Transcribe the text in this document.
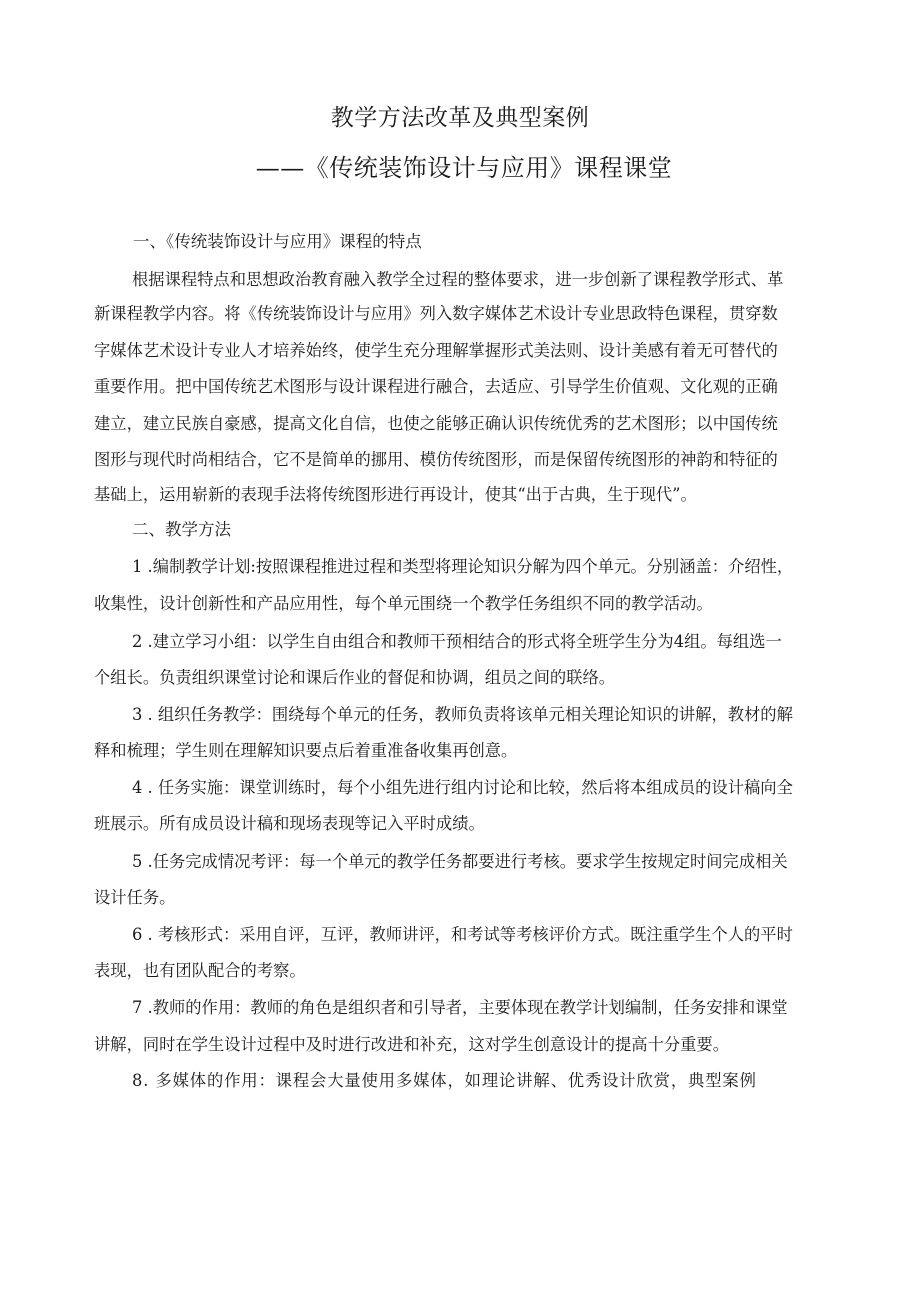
教学方法改革及典型案例
——《传统装饰设计与应用》课程课堂
一、《传统装饰设计与应用》课程的特点
根据课程特点和思想政治教育融入教学全过程的整体要求，进一步创新了课程教学形式、革
新课程教学内容。将《传统装饰设计与应用》列入数字媒体艺术设计专业思政特色课程，贯穿数
字媒体艺术设计专业人才培养始终，使学生充分理解掌握形式美法则、设计美感有着无可替代的
重要作用。把中国传统艺术图形与设计课程进行融合，去适应、引导学生价值观、文化观的正确
建立，建立民族自豪感，提高文化自信，也使之能够正确认识传统优秀的艺术图形；以中国传统
图形与现代时尚相结合，它不是简单的挪用、模仿传统图形，而是保留传统图形的神韵和特征的
基础上，运用崭新的表现手法将传统图形进行再设计，使其“出于古典，生于现代”。
二、教学方法
1 .编制教学计划:按照课程推进过程和类型将理论知识分解为四个单元。分别涵盖：介绍性，
收集性，设计创新性和产品应用性，每个单元围绕一个教学任务组织不同的教学活动。
2 .建立学习小组：以学生自由组合和教师干预相结合的形式将全班学生分为4组。每组选一
个组长。负责组织课堂讨论和课后作业的督促和协调，组员之间的联络。
3 . 组织任务教学：围绕每个单元的任务，教师负责将该单元相关理论知识的讲解，教材的解
释和梳理；学生则在理解知识要点后着重准备收集再创意。
4 . 任务实施：课堂训练时，每个小组先进行组内讨论和比较，然后将本组成员的设计稿向全
班展示。所有成员设计稿和现场表现等记入平时成绩。
5 .任务完成情况考评：每一个单元的教学任务都要进行考核。要求学生按规定时间完成相关
设计任务。
6 . 考核形式：采用自评，互评，教师讲评，和考试等考核评价方式。既注重学生个人的平时
表现，也有团队配合的考察。
7 .教师的作用：教师的角色是组织者和引导者，主要体现在教学计划编制，任务安排和课堂
讲解，同时在学生设计过程中及时进行改进和补充，这对学生创意设计的提高十分重要。
8. 多媒体的作用：课程会大量使用多媒体，如理论讲解、优秀设计欣赏，典型案例
